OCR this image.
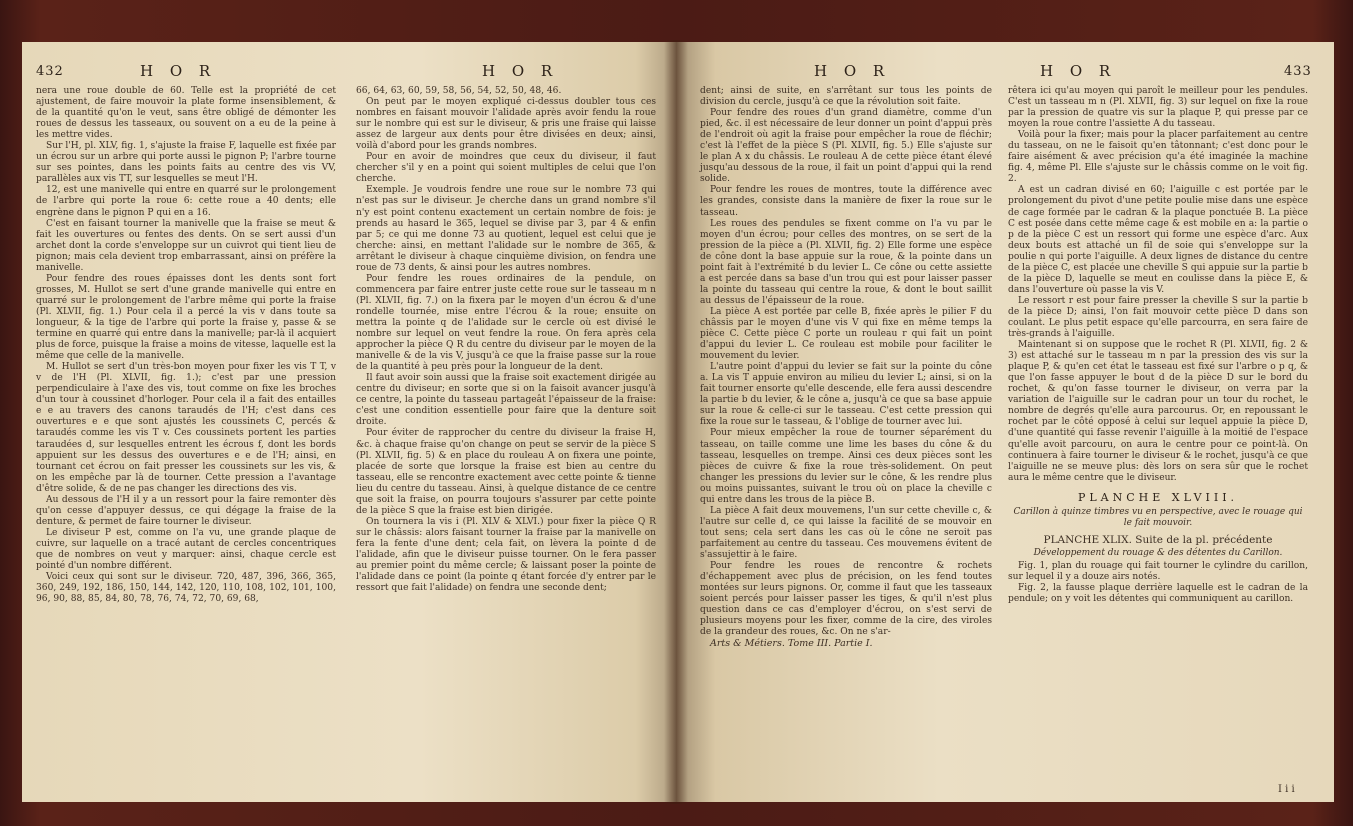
432	H O R	H O R

nera une roue double de 60. Telle est la propriété de cet ajustement, de faire mouvoir la plate forme insensiblement, & de la quantité qu'on le veut, sans être obligé de démonter les roues de dessus les tasseaux, ou souvent on a eu de la peine à les mettre vides.

Sur l'H, pl. XLV, fig. 1, s'ajuste la fraise F, laquelle est fixée par un écrou sur un arbre qui porte aussi le pignon P; l'arbre tourne sur ses pointes, dans les points faits au centre des vis VV, parallèles aux vis TT, sur lesquelles se meut l'H.

12, est une manivelle qui entre en quarré sur le prolongement de l'arbre qui porte la roue 6: cette roue a 40 dents; elle engrène dans le pignon P qui en a 16.

C'est en faisant tourner la manivelle que la fraise se meut & fait les ouvertures ou fentes des dents. On se sert aussi d'un archet dont la corde s'enveloppe sur un cuivrot qui tient lieu de pignon; mais cela devient trop embarrassant, ainsi on préfère la manivelle.

Pour fendre des roues épaisses dont les dents sont fort grosses, M. Hullot se sert d'une grande manivelle qui entre en quarré sur le prolongement de l'arbre même qui porte la fraise (Pl. XLVII, fig. 1.) Pour cela il a percé la vis v dans toute sa longueur, & la tige de l'arbre qui porte la fraise y, passe & se termine en quarré qui entre dans la manivelle; par-là il acquiert plus de force, puisque la fraise a moins de vitesse, laquelle est la même que celle de la manivelle.

M. Hullot se sert d'un très-bon moyen pour fixer les vis T T, v v de l'H (Pl. XLVII, fig. 1.); c'est par une pression perpendiculaire à l'axe des vis, tout comme on fixe les broches d'un tour à coussinet d'horloger. Pour cela il a fait des entailles e e au travers des canons taraudés de l'H; c'est dans ces ouvertures e e que sont ajustés les coussinets C, percés & taraudés comme les vis T v. Ces coussinets portent les parties taraudées d, sur lesquelles entrent les écrous f, dont les bords appuient sur les dessus des ouvertures e e de l'H; ainsi, en tournant cet écrou on fait presser les coussinets sur les vis, & on les empêche par là de tourner. Cette pression a l'avantage d'être solide, & de ne pas changer les directions des vis.

Au dessous de l'H il y a un ressort pour la faire remonter dès qu'on cesse d'appuyer dessus, ce qui dégage la fraise de la denture, & permet de faire tourner le diviseur.

Le diviseur P est, comme on l'a vu, une grande plaque de cuivre, sur laquelle on a tracé autant de cercles concentriques que de nombres on veut y marquer: ainsi, chaque cercle est pointé d'un nombre différent.

Voici ceux qui sont sur le diviseur. 720, 487, 396, 366, 365, 360, 249, 192, 186, 150, 144, 142, 120, 110, 108, 102, 101, 100, 96, 90, 88, 85, 84, 80, 78, 76, 74, 72, 70, 69, 68,

66, 64, 63, 60, 59, 58, 56, 54, 52, 50, 48, 46.

On peut par le moyen expliqué ci-dessus doubler tous ces nombres en faisant mouvoir l'alidade après avoir fendu la roue sur le nombre qui est sur le diviseur, & pris une fraise qui laisse assez de largeur aux dents pour être divisées en deux; ainsi, voilà d'abord pour les grands nombres.

Pour en avoir de moindres que ceux du diviseur, il faut chercher s'il y en a point qui soient multiples de celui que l'on cherche.

Exemple. Je voudrois fendre une roue sur le nombre 73 qui n'est pas sur le diviseur. Je cherche dans un grand nombre s'il n'y est point contenu exactement un certain nombre de fois: je prends au hasard le 365, lequel se divise par 3, par 4 & enfin par 5; ce qui me donne 73 au quotient, lequel est celui que je cherche: ainsi, en mettant l'alidade sur le nombre de 365, & arrêtant le diviseur à chaque cinquième division, on fendra une roue de 73 dents, & ainsi pour les autres nombres.

Pour fendre les roues ordinaires de la pendule, on commencera par faire entrer juste cette roue sur le tasseau m n (Pl. XLVII, fig. 7.) on la fixera par le moyen d'un écrou & d'une rondelle tournée, mise entre l'écrou & la roue; ensuite on mettra la pointe q de l'alidade sur le cercle où est divisé le nombre sur lequel on veut fendre la roue. On fera après cela approcher la pièce Q R du centre du diviseur par le moyen de la manivelle & de la vis V, jusqu'à ce que la fraise passe sur la roue de la quantité à peu près pour la longueur de la dent.

Il faut avoir soin aussi que la fraise soit exactement dirigée au centre du diviseur; en sorte que si on la faisoit avancer jusqu'à ce centre, la pointe du tasseau partageât l'épaisseur de la fraise: c'est une condition essentielle pour faire que la denture soit droite.

Pour éviter de rapprocher du centre du diviseur la fraise H, &c. à chaque fraise qu'on change on peut se servir de la pièce S (Pl. XLVII, fig. 5) & en place du rouleau A on fixera une pointe, placée de sorte que lorsque la fraise est bien au centre du tasseau, elle se rencontre exactement avec cette pointe & tienne lieu du centre du tasseau. Ainsi, à quelque distance de ce centre que soit la fraise, on pourra toujours s'assurer par cette pointe de la pièce S que la fraise est bien dirigée.

On tournera la vis i (Pl. XLV & XLVI.) pour fixer la pièce Q R sur le châssis: alors faisant tourner la fraise par la manivelle on fera la fente d'une dent; cela fait, on lèvera la pointe d de l'alidade, afin que le diviseur puisse tourner. On le fera passer au premier point du même cercle; & laissant poser la pointe de l'alidade dans ce point (la pointe q étant forcée d'y entrer par le ressort que fait l'alidade) on fendra une seconde dent;

H O R	H O R	433

dent; ainsi de suite, en s'arrêtant sur tous les points de division du cercle, jusqu'à ce que la révolution soit faite.

Pour fendre des roues d'un grand diamètre, comme d'un pied, &c. il est nécessaire de leur donner un point d'appui près de l'endroit où agit la fraise pour empêcher la roue de fléchir; c'est là l'effet de la pièce S (Pl. XLVII, fig. 5.) Elle s'ajuste sur le plan A x du châssis. Le rouleau A de cette pièce étant élevé jusqu'au dessous de la roue, il fait un point d'appui qui la rend solide.

Pour fendre les roues de montres, toute la différence avec les grandes, consiste dans la manière de fixer la roue sur le tasseau.

Les roues des pendules se fixent comme on l'a vu par le moyen d'un écrou; pour celles des montres, on se sert de la pression de la pièce a (Pl. XLVII, fig. 2) Elle forme une espèce de cône dont la base appuie sur la roue, & la pointe dans un point fait à l'extrémité b du levier L. Ce cône ou cette assiette a est percée dans sa base d'un trou qui est pour laisser passer la pointe du tasseau qui centre la roue, & dont le bout saillit au dessus de l'épaisseur de la roue.

La pièce A est portée par celle B, fixée après le pilier F du châssis par le moyen d'une vis V qui fixe en même temps la pièce C. Cette pièce C porte un rouleau r qui fait un point d'appui du levier L. Ce rouleau est mobile pour faciliter le mouvement du levier.

L'autre point d'appui du levier se fait sur la pointe du cône a. La vis T appuie environ au milieu du levier L; ainsi, si on la fait tourner ensorte qu'elle descende, elle fera aussi descendre la partie b du levier, & le cône a, jusqu'à ce que sa base appuie sur la roue & celle-ci sur le tasseau. C'est cette pression qui fixe la roue sur le tasseau, & l'oblige de tourner avec lui.

Pour mieux empêcher la roue de tourner séparément du tasseau, on taille comme une lime les bases du cône & du tasseau, lesquelles on trempe. Ainsi ces deux pièces sont les pièces de cuivre & fixe la roue très-solidement. On peut changer les pressions du levier sur le cône, & les rendre plus ou moins puissantes, suivant le trou où on place la cheville c qui entre dans les trous de la pièce B.

La pièce A fait deux mouvemens, l'un sur cette cheville c, & l'autre sur celle d, ce qui laisse la facilité de se mouvoir en tout sens; cela sert dans les cas où le cône ne seroit pas parfaitement au centre du tasseau. Ces mouvemens évitent de s'assujettir à le faire.

Pour fendre les roues de rencontre & rochets d'échappement avec plus de précision, on les fend toutes montées sur leurs pignons. Or, comme il faut que les tasseaux soient percés pour laisser passer les tiges, & qu'il n'est plus question dans ce cas d'employer d'écrou, on s'est servi de plusieurs moyens pour les fixer, comme de la cire, des viroles de la grandeur des roues, &c. On ne s'ar-

Arts & Métiers. Tome III. Partie I.

rêtera ici qu'au moyen qui paroît le meilleur pour les pendules. C'est un tasseau m n (Pl. XLVII, fig. 3) sur lequel on fixe la roue par la pression de quatre vis sur la plaque P, qui presse par ce moyen la roue contre l'assiette A du tasseau.

Voilà pour la fixer; mais pour la placer parfaitement au centre du tasseau, on ne le faisoit qu'en tâtonnant; c'est donc pour le faire aisément & avec précision qu'a été imaginée la machine fig. 4, même Pl. Elle s'ajuste sur le châssis comme on le voit fig. 2.

A est un cadran divisé en 60; l'aiguille c est portée par le prolongement du pivot d'une petite poulie mise dans une espèce de cage formée par le cadran & la plaque ponctuée B. La pièce C est posée dans cette même cage & est mobile en a: la partie o p de la pièce C est un ressort qui forme une espèce d'arc. Aux deux bouts est attaché un fil de soie qui s'enveloppe sur la poulie n qui porte l'aiguille. A deux lignes de distance du centre de la pièce C, est placée une cheville S qui appuie sur la partie b de la pièce D, laquelle se meut en coulisse dans la pièce E, & dans l'ouverture où passe la vis V.

Le ressort r est pour faire presser la cheville S sur la partie b de la pièce D; ainsi, l'on fait mouvoir cette pièce D dans son coulant. Le plus petit espace qu'elle parcourra, en sera faire de très-grands à l'aiguille.

Maintenant si on suppose que le rochet R (Pl. XLVII, fig. 2 & 3) est attaché sur le tasseau m n par la pression des vis sur la plaque P, & qu'en cet état le tasseau est fixé sur l'arbre o p q, & que l'on fasse appuyer le bout d de la pièce D sur le bord du rochet, & qu'on fasse tourner le diviseur, on verra par la variation de l'aiguille sur le cadran pour un tour du rochet, le nombre de degrés qu'elle aura parcourus. Or, en repoussant le rochet par le côté opposé à celui sur lequel appuie la pièce D, d'une quantité qui fasse revenir l'aiguille à la moitié de l'espace qu'elle avoit parcouru, on aura le centre pour ce point-là. On continuera à faire tourner le diviseur & le rochet, jusqu'à ce que l'aiguille ne se meuve plus: dès lors on sera sûr que le rochet aura le même centre que le diviseur.

PLANCHE XLVIII.
Carillon à quinze timbres vu en perspective, avec le rouage qui le fait mouvoir.
PLANCHE XLIX. Suite de la pl. précédente
Développement du rouage & des détentes du Carillon.

Fig. 1, plan du rouage qui fait tourner le cylindre du carillon, sur lequel il y a douze airs notés.

Fig. 2, la fausse plaque derrière laquelle est le cadran de la pendule; on y voit les détentes qui communiquent au carillon.

I i i
